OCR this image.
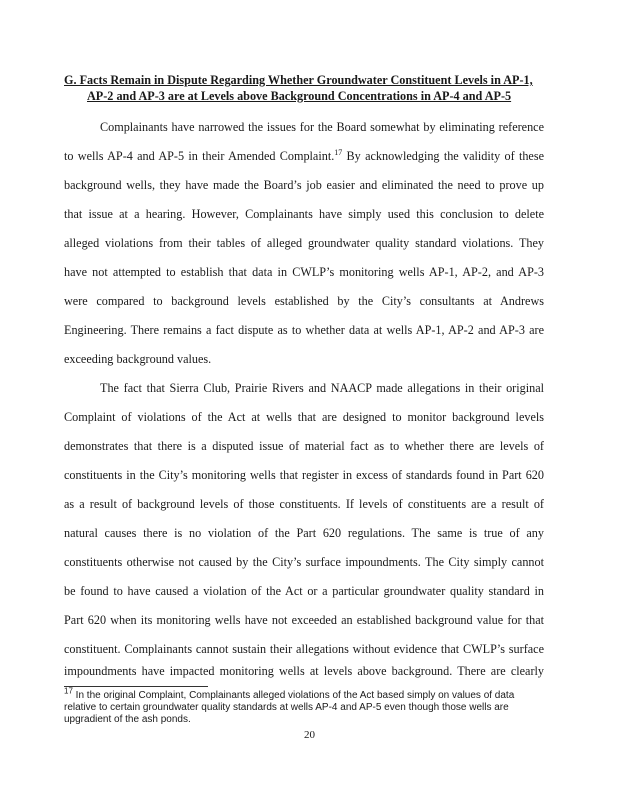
G. Facts Remain in Dispute Regarding Whether Groundwater Constituent Levels in AP-1,
AP-2 and AP-3 are at Levels above Background Concentrations in AP-4 and AP-5
Complainants have narrowed the issues for the Board somewhat by eliminating reference
to wells AP-4 and AP-5 in their Amended Complaint.$^{17}$ By acknowledging the validity of these
background wells, they have made the Board’s job easier and eliminated the need to prove up
that issue at a hearing. However, Complainants have simply used this conclusion to delete
alleged violations from their tables of alleged groundwater quality standard violations. They
have not attempted to establish that data in CWLP’s monitoring wells AP-1, AP-2, and AP-3
were compared to background levels established by the City’s consultants at Andrews
Engineering. There remains a fact dispute as to whether data at wells AP-1, AP-2 and AP-3 are
exceeding background values.
The fact that Sierra Club, Prairie Rivers and NAACP made allegations in their original
Complaint of violations of the Act at wells that are designed to monitor background levels
demonstrates that there is a disputed issue of material fact as to whether there are levels of
constituents in the City’s monitoring wells that register in excess of standards found in Part 620
as a result of background levels of those constituents. If levels of constituents are a result of
natural causes there is no violation of the Part 620 regulations. The same is true of any
constituents otherwise not caused by the City’s surface impoundments. The City simply cannot
be found to have caused a violation of the Act or a particular groundwater quality standard in
Part 620 when its monitoring wells have not exceeded an established background value for that
constituent. Complainants cannot sustain their allegations without evidence that CWLP’s surface
impoundments have impacted monitoring wells at levels above background. There are clearly
$^{17}$ In the original Complaint, Complainants alleged violations of the Act based simply on values of data
relative to certain groundwater quality standards at wells AP-4 and AP-5 even though those wells are
upgradient of the ash ponds.
20
